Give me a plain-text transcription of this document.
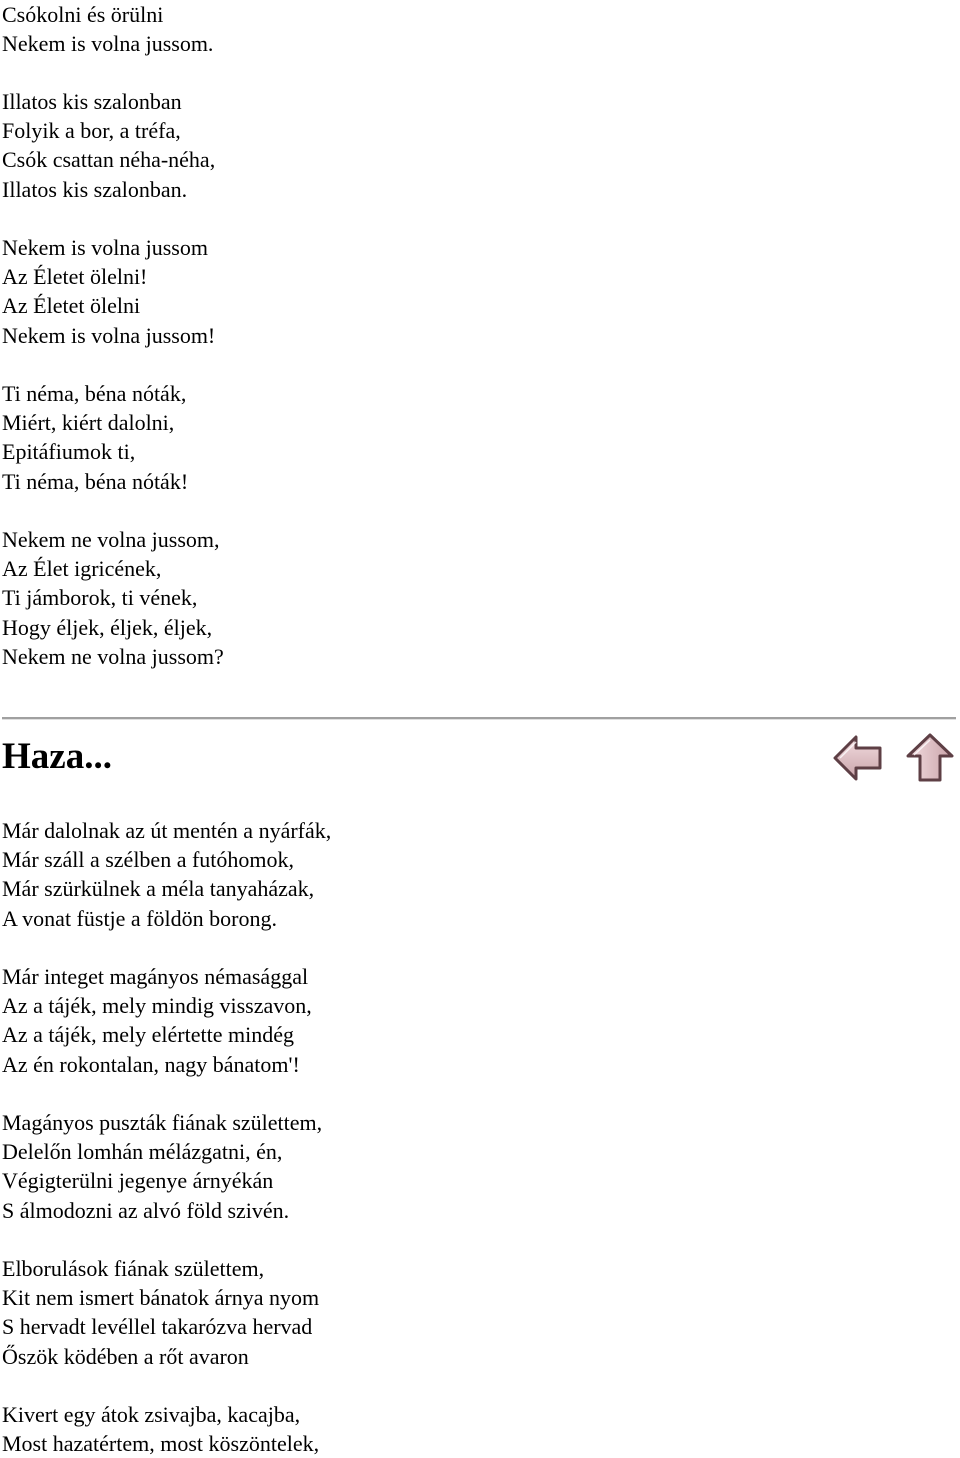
Csókolni és örülni
Nekem is volna jussom.
Illatos kis szalonban
Folyik a bor, a tréfa,
Csók csattan néha-néha,
Illatos kis szalonban.
Nekem is volna jussom
Az Életet ölelni!
Az Életet ölelni
Nekem is volna jussom!
Ti néma, béna nóták,
Miért, kiért dalolni,
Epitáfiumok ti,
Ti néma, béna nóták!
Nekem ne volna jussom,
Az Élet igricének,
Ti jámborok, ti vének,
Hogy éljek, éljek, éljek,
Nekem ne volna jussom?
Haza...
Már dalolnak az út mentén a nyárfák,
Már száll a szélben a futóhomok,
Már szürkülnek a méla tanyaházak,
A vonat füstje a földön borong.
Már integet magányos némasággal
Az a tájék, mely mindig visszavon,
Az a tájék, mely elértette mindég
Az én rokontalan, nagy bánatom'!
Magányos puszták fiának születtem,
Delelőn lomhán mélázgatni, én,
Végigterülni jegenye árnyékán
S álmodozni az alvó föld szivén.
Elborulások fiának születtem,
Kit nem ismert bánatok árnya nyom
S hervadt levéllel takarózva hervad
Őszök ködében a rőt avaron
Kivert egy átok zsivajba, kacajba,
Most hazatértem, most köszöntelek,
